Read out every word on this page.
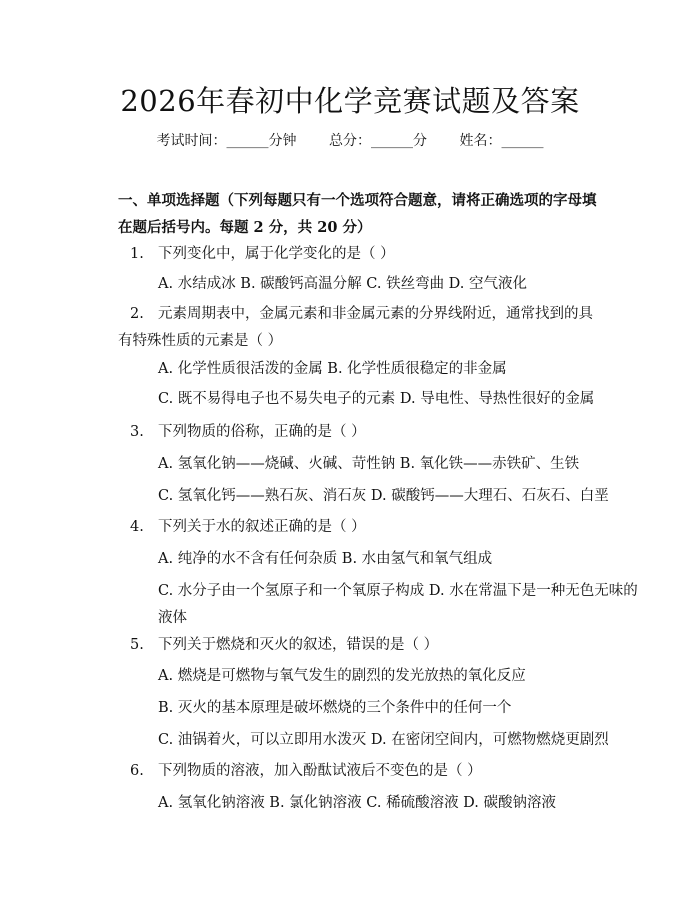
2026年春初中化学竞赛试题及答案
考试时间：______分钟 总分：______分 姓名：______
一、单项选择题（下列每题只有一个选项符合题意，请将正确选项的字母填在题后括号内。每题 2 分，共 20 分）
1. 下列变化中，属于化学变化的是（ ）
A. 水结成冰 B. 碳酸钙高温分解 C. 铁丝弯曲 D. 空气液化
2. 元素周期表中，金属元素和非金属元素的分界线附近，通常找到的具有特殊性质的元素是（ ）
A. 化学性质很活泼的金属 B. 化学性质很稳定的非金属
C. 既不易得电子也不易失电子的元素 D. 导电性、导热性很好的金属
3. 下列物质的俗称，正确的是（ ）
A. 氢氧化钠——烧碱、火碱、苛性钠 B. 氧化铁——赤铁矿、生铁
C. 氢氧化钙——熟石灰、消石灰 D. 碳酸钙——大理石、石灰石、白垩
4. 下列关于水的叙述正确的是（ ）
A. 纯净的水不含有任何杂质 B. 水由氢气和氧气组成
C. 水分子由一个氢原子和一个氧原子构成 D. 水在常温下是一种无色无味的液体
5. 下列关于燃烧和灭火的叙述，错误的是（ ）
A. 燃烧是可燃物与氧气发生的剧烈的发光放热的氧化反应
B. 灭火的基本原理是破坏燃烧的三个条件中的任何一个
C. 油锅着火，可以立即用水泼灭 D. 在密闭空间内，可燃物燃烧更剧烈
6. 下列物质的溶液，加入酚酞试液后不变色的是（ ）
A. 氢氧化钠溶液 B. 氯化钠溶液 C. 稀硫酸溶液 D. 碳酸钠溶液
